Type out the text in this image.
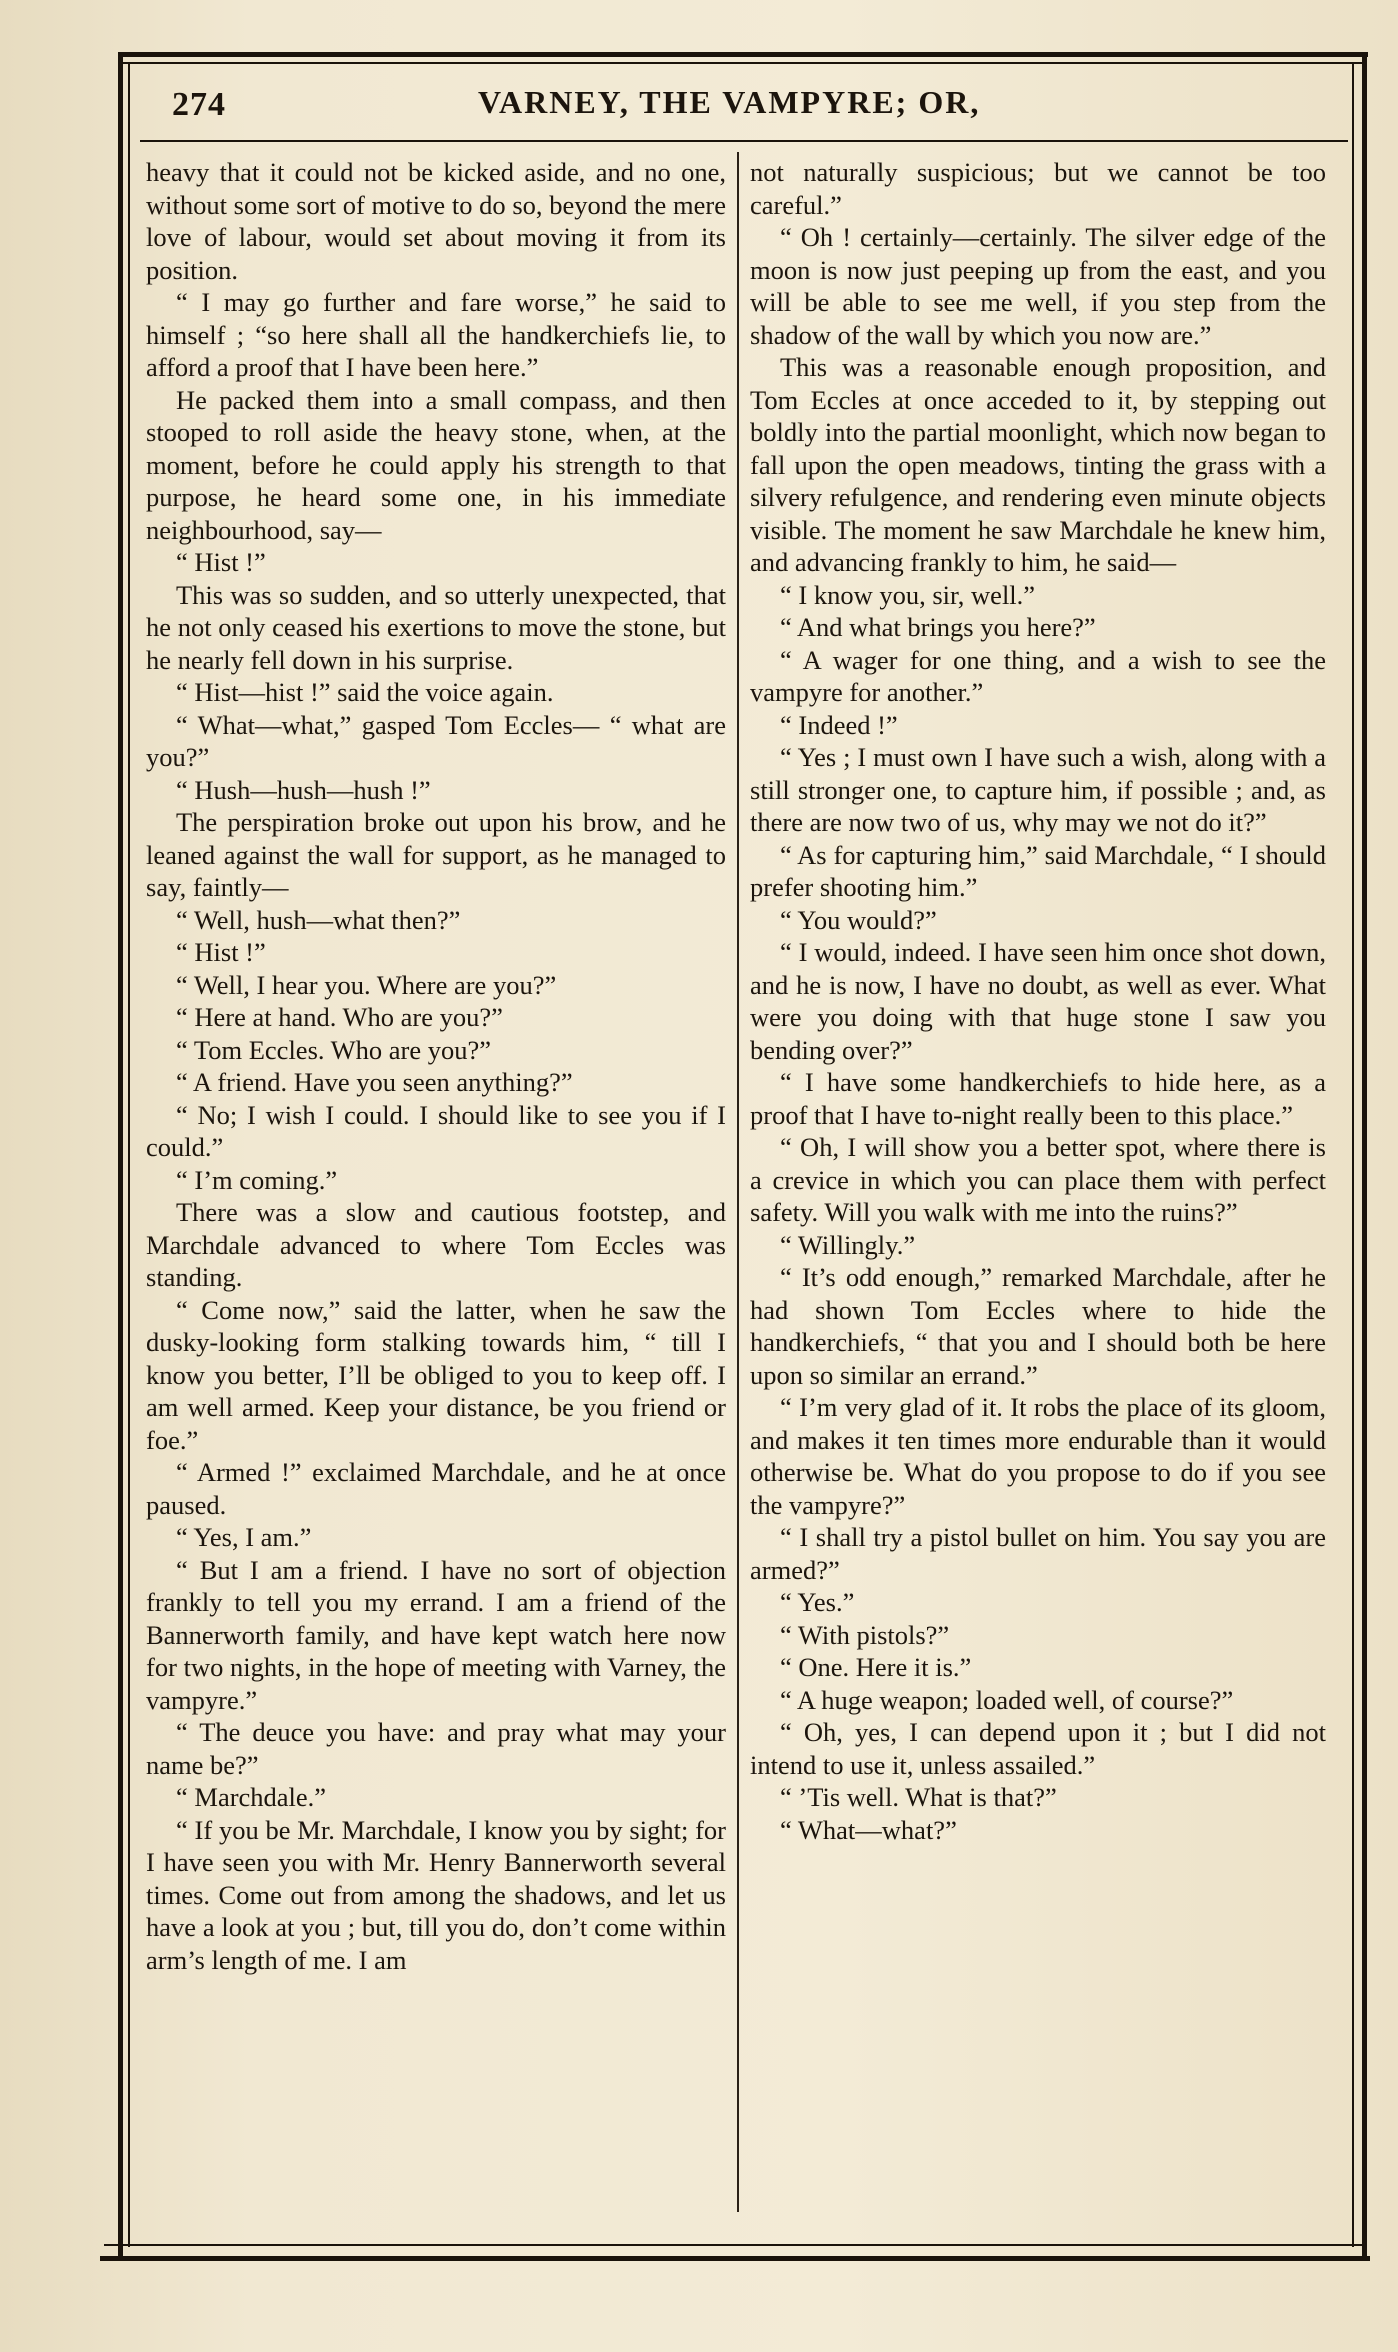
274	VARNEY, THE VAMPYRE; OR,

heavy that it could not be kicked aside, and no one, without some sort of motive to do so, beyond the mere love of labour, would set about moving it from its position.

“ I may go further and fare worse,” he said to himself ; “so here shall all the handkerchiefs lie, to afford a proof that I have been here.”

He packed them into a small compass, and then stooped to roll aside the heavy stone, when, at the moment, before he could apply his strength to that purpose, he heard some one, in his immediate neighbourhood, say—

“ Hist !”

This was so sudden, and so utterly unexpected, that he not only ceased his exertions to move the stone, but he nearly fell down in his surprise.

“ Hist—hist !” said the voice again.

“ What—what,” gasped Tom Eccles— “ what are you?”

“ Hush—hush—hush !”

The perspiration broke out upon his brow, and he leaned against the wall for support, as he managed to say, faintly—

“ Well, hush—what then?”

“ Hist !”

“ Well, I hear you. Where are you?”

“ Here at hand. Who are you?”

“ Tom Eccles. Who are you?”

“ A friend. Have you seen anything?”

“ No; I wish I could. I should like to see you if I could.”

“ I’m coming.”

There was a slow and cautious footstep, and Marchdale advanced to where Tom Eccles was standing.

“ Come now,” said the latter, when he saw the dusky-looking form stalking towards him, “ till I know you better, I’ll be obliged to you to keep off. I am well armed. Keep your distance, be you friend or foe.”

“ Armed !” exclaimed Marchdale, and he at once paused.

“ Yes, I am.”

“ But I am a friend. I have no sort of objection frankly to tell you my errand. I am a friend of the Bannerworth family, and have kept watch here now for two nights, in the hope of meeting with Varney, the vampyre.”

“ The deuce you have: and pray what may your name be?”

“ Marchdale.”

“ If you be Mr. Marchdale, I know you by sight; for I have seen you with Mr. Henry Bannerworth several times. Come out from among the shadows, and let us have a look at you ; but, till you do, don’t come within arm’s length of me. I am

not naturally suspicious; but we cannot be too careful.”

“ Oh ! certainly—certainly. The silver edge of the moon is now just peeping up from the east, and you will be able to see me well, if you step from the shadow of the wall by which you now are.”

This was a reasonable enough proposition, and Tom Eccles at once acceded to it, by stepping out boldly into the partial moonlight, which now began to fall upon the open meadows, tinting the grass with a silvery refulgence, and rendering even minute objects visible. The moment he saw Marchdale he knew him, and advancing frankly to him, he said—

“ I know you, sir, well.”

“ And what brings you here?”

“ A wager for one thing, and a wish to see the vampyre for another.”

“ Indeed !”

“ Yes ; I must own I have such a wish, along with a still stronger one, to capture him, if possible ; and, as there are now two of us, why may we not do it?”

“ As for capturing him,” said Marchdale, “ I should prefer shooting him.”

“ You would?”

“ I would, indeed. I have seen him once shot down, and he is now, I have no doubt, as well as ever. What were you doing with that huge stone I saw you bending over?”

“ I have some handkerchiefs to hide here, as a proof that I have to-night really been to this place.”

“ Oh, I will show you a better spot, where there is a crevice in which you can place them with perfect safety. Will you walk with me into the ruins?”

“ Willingly.”

“ It’s odd enough,” remarked Marchdale, after he had shown Tom Eccles where to hide the handkerchiefs, “ that you and I should both be here upon so similar an errand.”

“ I’m very glad of it. It robs the place of its gloom, and makes it ten times more endurable than it would otherwise be. What do you propose to do if you see the vampyre?”

“ I shall try a pistol bullet on him. You say you are armed?”

“ Yes.”

“ With pistols?”

“ One. Here it is.”

“ A huge weapon; loaded well, of course?”

“ Oh, yes, I can depend upon it ; but I did not intend to use it, unless assailed.”

“ ’Tis well. What is that?”

“ What—what?”
